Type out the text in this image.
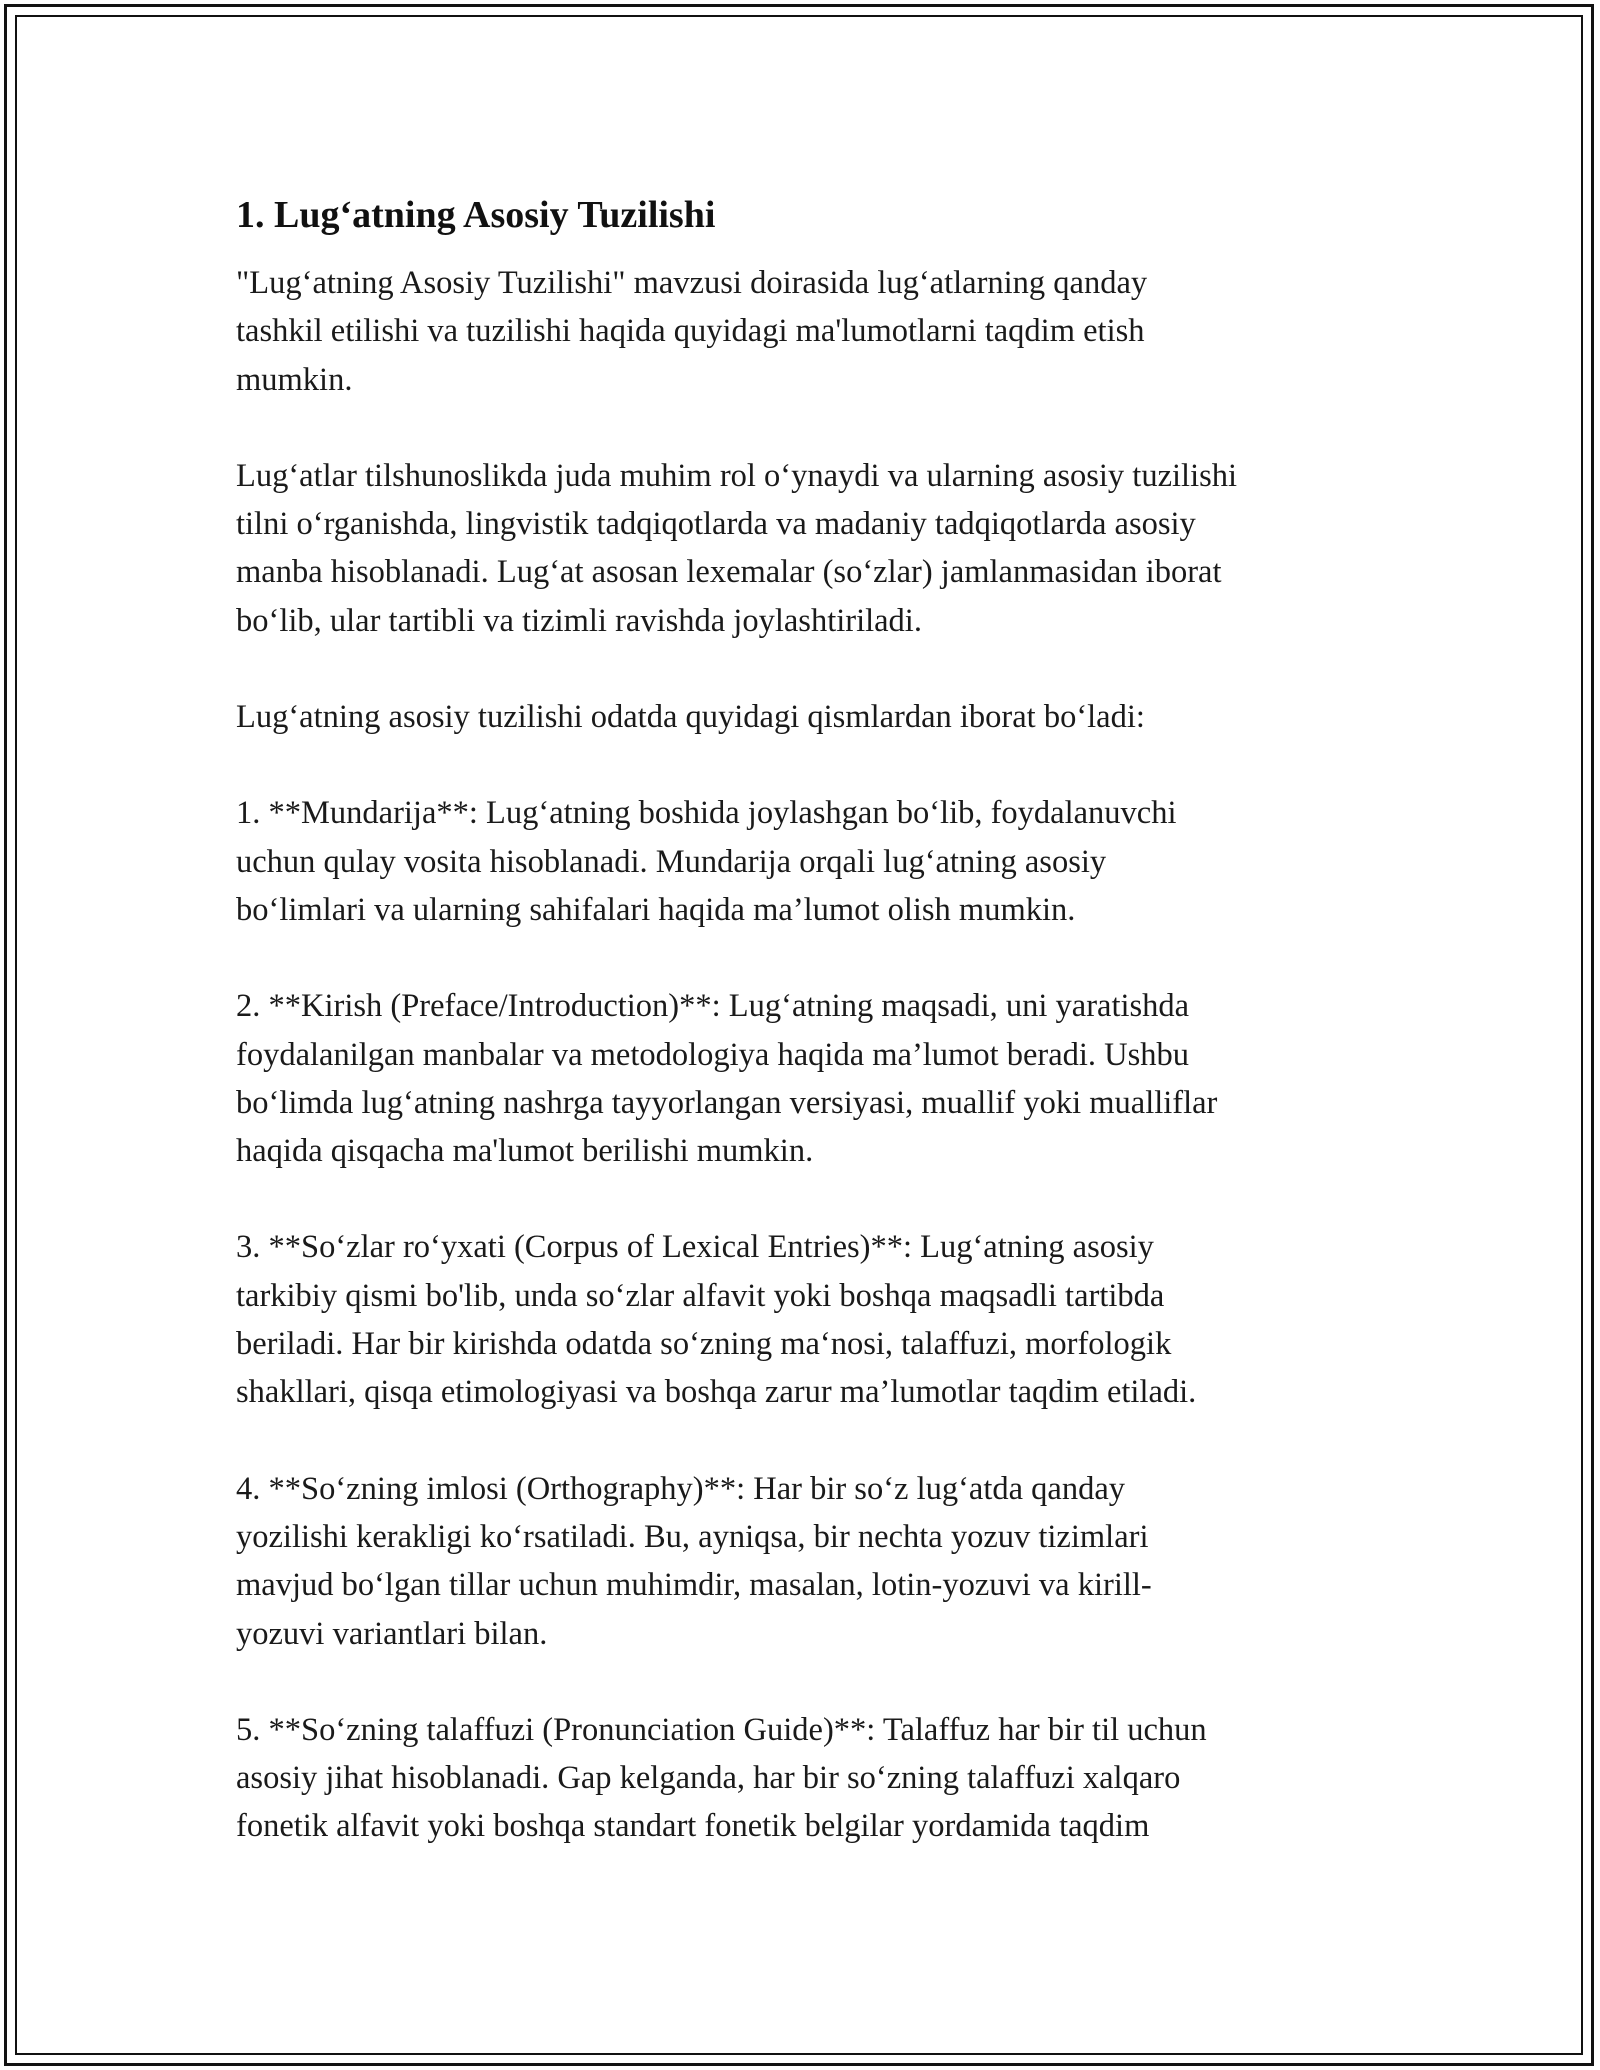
1. Lugʻatning Asosiy Tuzilishi

"Lugʻatning Asosiy Tuzilishi" mavzusi doirasida lugʻatlarning qanday
tashkil etilishi va tuzilishi haqida quyidagi ma'lumotlarni taqdim etish
mumkin.

Lugʻatlar tilshunoslikda juda muhim rol oʻynaydi va ularning asosiy tuzilishi
tilni oʻrganishda, lingvistik tadqiqotlarda va madaniy tadqiqotlarda asosiy
manba hisoblanadi. Lugʻat asosan lexemalar (soʻzlar) jamlanmasidan iborat
boʻlib, ular tartibli va tizimli ravishda joylashtiriladi.

Lugʻatning asosiy tuzilishi odatda quyidagi qismlardan iborat boʻladi:

1. **Mundarija**: Lugʻatning boshida joylashgan boʻlib, foydalanuvchi
uchun qulay vosita hisoblanadi. Mundarija orqali lugʻatning asosiy
boʻlimlari va ularning sahifalari haqida ma’lumot olish mumkin.

2. **Kirish (Preface/Introduction)**: Lugʻatning maqsadi, uni yaratishda
foydalanilgan manbalar va metodologiya haqida ma’lumot beradi. Ushbu
boʻlimda lugʻatning nashrga tayyorlangan versiyasi, muallif yoki mualliflar
haqida qisqacha ma'lumot berilishi mumkin.

3. **Soʻzlar roʻyxati (Corpus of Lexical Entries)**: Lugʻatning asosiy
tarkibiy qismi bo'lib, unda soʻzlar alfavit yoki boshqa maqsadli tartibda
beriladi. Har bir kirishda odatda soʻzning maʻnosi, talaffuzi, morfologik
shakllari, qisqa etimologiyasi va boshqa zarur ma’lumotlar taqdim etiladi.

4. **Soʻzning imlosi (Orthography)**: Har bir soʻz lugʻatda qanday
yozilishi kerakligi koʻrsatiladi. Bu, ayniqsa, bir nechta yozuv tizimlari
mavjud boʻlgan tillar uchun muhimdir, masalan, lotin-yozuvi va kirill-
yozuvi variantlari bilan.

5. **Soʻzning talaffuzi (Pronunciation Guide)**: Talaffuz har bir til uchun
asosiy jihat hisoblanadi. Gap kelganda, har bir soʻzning talaffuzi xalqaro
fonetik alfavit yoki boshqa standart fonetik belgilar yordamida taqdim
